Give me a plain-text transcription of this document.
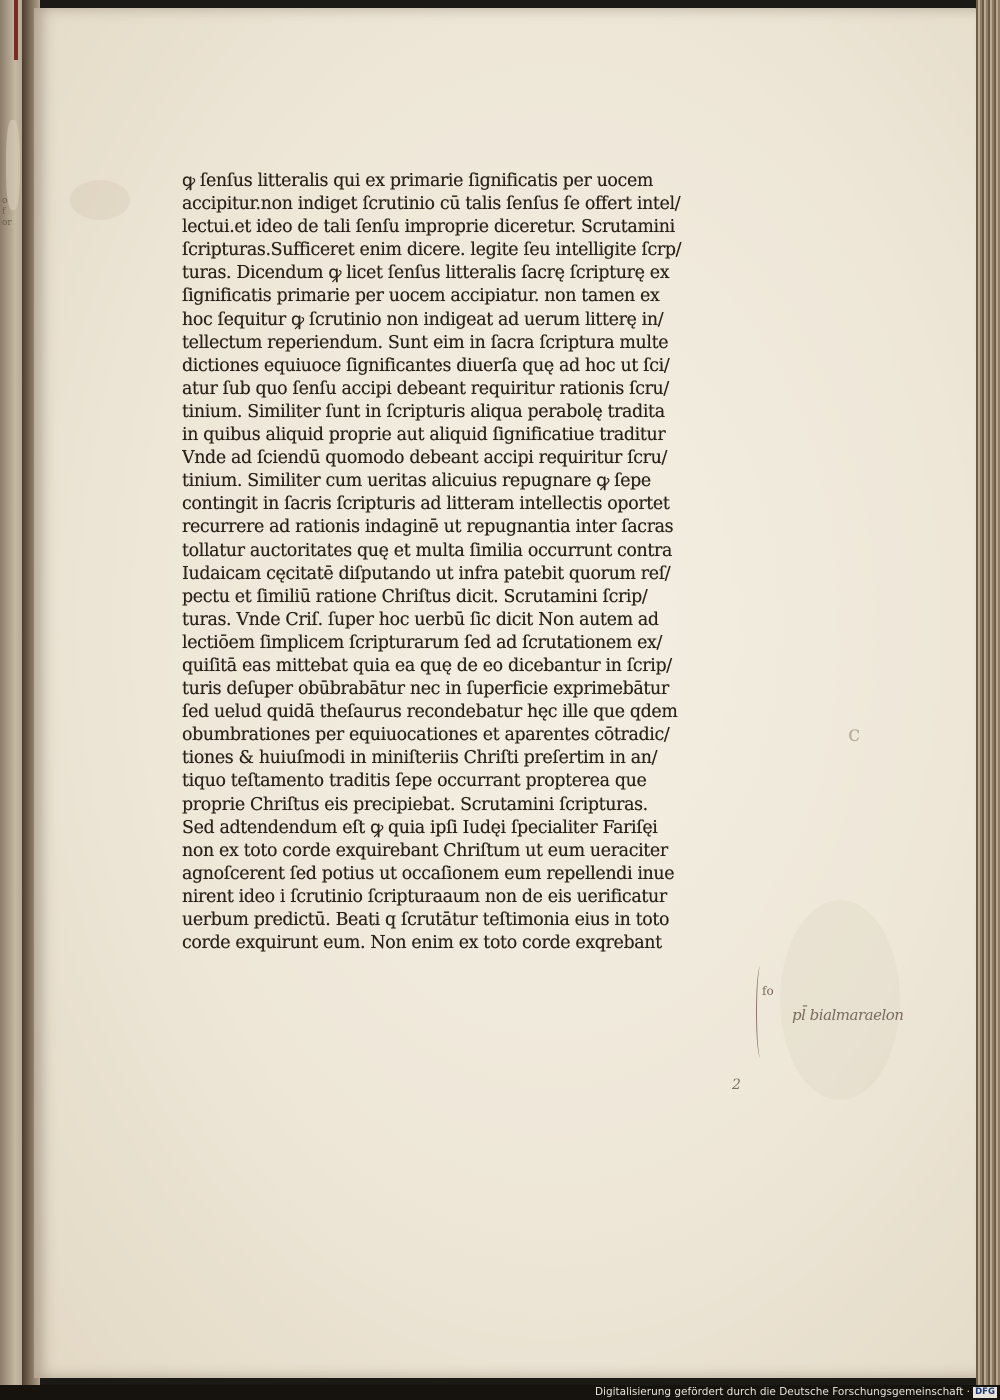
o
f
or
ꝙ ſenſus litteralis qui ex primarie ſignificatis per uocem
accipitur.non indiget ſcrutinio cū talis ſenſus ſe offert intel/
lectui.et ideo de tali ſenſu improprie diceretur. Scrutamini
ſcripturas.Sufficeret enim dicere. legite ſeu intelligite ſcrp/
turas. Dicendum ꝙ licet ſenſus litteralis ſacrę ſcripturę ex
ſignificatis primarie per uocem accipiatur. non tamen ex
hoc ſequitur ꝙ ſcrutinio non indigeat ad uerum litterę in/
tellectum reperiendum. Sunt eim in ſacra ſcriptura multe
dictiones equiuoce ſignificantes diuerſa quę ad hoc ut ſci/
atur ſub quo ſenſu accipi debeant requiritur rationis ſcru/
tinium. Similiter ſunt in ſcripturis aliqua perabolę tradita
in quibus aliquid proprie aut aliquid ſignificatiue traditur
Vnde ad ſciendū quomodo debeant accipi requiritur ſcru/
tinium. Similiter cum ueritas alicuius repugnare ꝙ ſepe
contingit in ſacris ſcripturis ad litteram intellectis oportet
recurrere ad rationis indaginē ut repugnantia inter ſacras
tollatur auctoritates quę et multa ſimilia occurrunt contra
Iudaicam cęcitatē diſputando ut infra patebit quorum reſ/
pectu et ſimiliū ratione Chriſtus dicit. Scrutamini ſcrip/
turas. Vnde Criſ. ſuper hoc uerbū ſic dicit Non autem ad
lectiōem ſimplicem ſcripturarum ſed ad ſcrutationem ex/
quiſitā eas mittebat quia ea quę de eo dicebantur in ſcrip/
turis deſuper obūbrabātur nec in ſuperficie exprimebātur
ſed uelud quidā theſaurus recondebatur hęc ille que qdem
obumbrationes per equiuocationes et aparentes cōtradic/
tiones & huiuſmodi in miniſteriis Chriſti preſertim in an/
tiquo teſtamento traditis ſepe occurrant propterea que
proprie Chriſtus eis precipiebat. Scrutamini ſcripturas.
Sed adtendendum eſt ꝙ quia ipſi Iudęi ſpecialiter Fariſęi
non ex toto corde exquirebant Chriſtum ut eum ueraciter
agnoſcerent ſed potius ut occaſionem eum repellendi inue
nirent ideo i ſcrutinio ſcripturaaum non de eis uerificatur
uerbum predictū. Beati q ſcrutātur teſtimonia eius in toto
corde exquirunt eum. Non enim ex toto corde exqrebant
fo
pl̄ bialmaraelon
c
2
Digitalisierung gefördert durch die Deutsche Forschungsgemeinschaft · DFG
